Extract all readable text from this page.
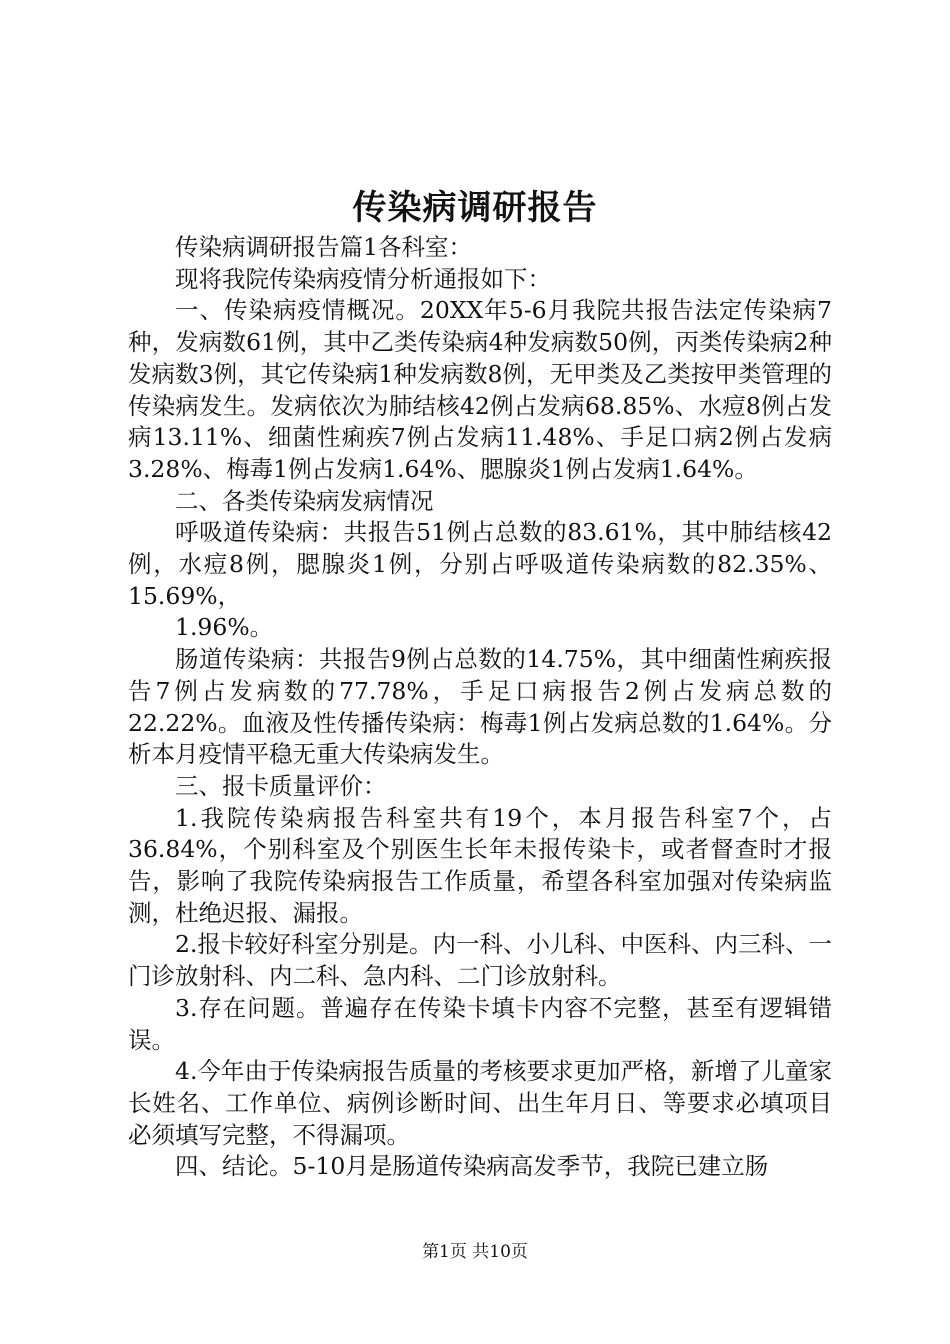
传染病调研报告

传染病调研报告篇1各科室：

现将我院传染病疫情分析通报如下：

一、传染病疫情概况。20XX年5-6月我院共报告法定传染病7种，发病数61例，其中乙类传染病4种发病数50例，丙类传染病2种发病数3例，其它传染病1种发病数8例，无甲类及乙类按甲类管理的传染病发生。发病依次为肺结核42例占发病68.85%、水痘8例占发病13.11%、细菌性痢疾7例占发病11.48%、手足口病2例占发病3.28%、梅毒1例占发病1.64%、腮腺炎1例占发病1.64%。

二、各类传染病发病情况

呼吸道传染病：共报告51例占总数的83.61%，其中肺结核42例，水痘8例，腮腺炎1例，分别占呼吸道传染病数的82.35%、15.69%，

1.96%。

肠道传染病：共报告9例占总数的14.75%，其中细菌性痢疾报告7例占发病数的77.78%，手足口病报告2例占发病总数的22.22%。血液及性传播传染病：梅毒1例占发病总数的1.64%。分析本月疫情平稳无重大传染病发生。

三、报卡质量评价：

1.我院传染病报告科室共有19个，本月报告科室7个，占36.84%，个别科室及个别医生长年未报传染卡，或者督查时才报告，影响了我院传染病报告工作质量，希望各科室加强对传染病监测，杜绝迟报、漏报。

2.报卡较好科室分别是。内一科、小儿科、中医科、内三科、一门诊放射科、内二科、急内科、二门诊放射科。

3.存在问题。普遍存在传染卡填卡内容不完整，甚至有逻辑错误。

4.今年由于传染病报告质量的考核要求更加严格，新增了儿童家长姓名、工作单位、病例诊断时间、出生年月日、等要求必填项目必须填写完整，不得漏项。

四、结论。5-10月是肠道传染病高发季节，我院已建立肠

第1页 共10页
